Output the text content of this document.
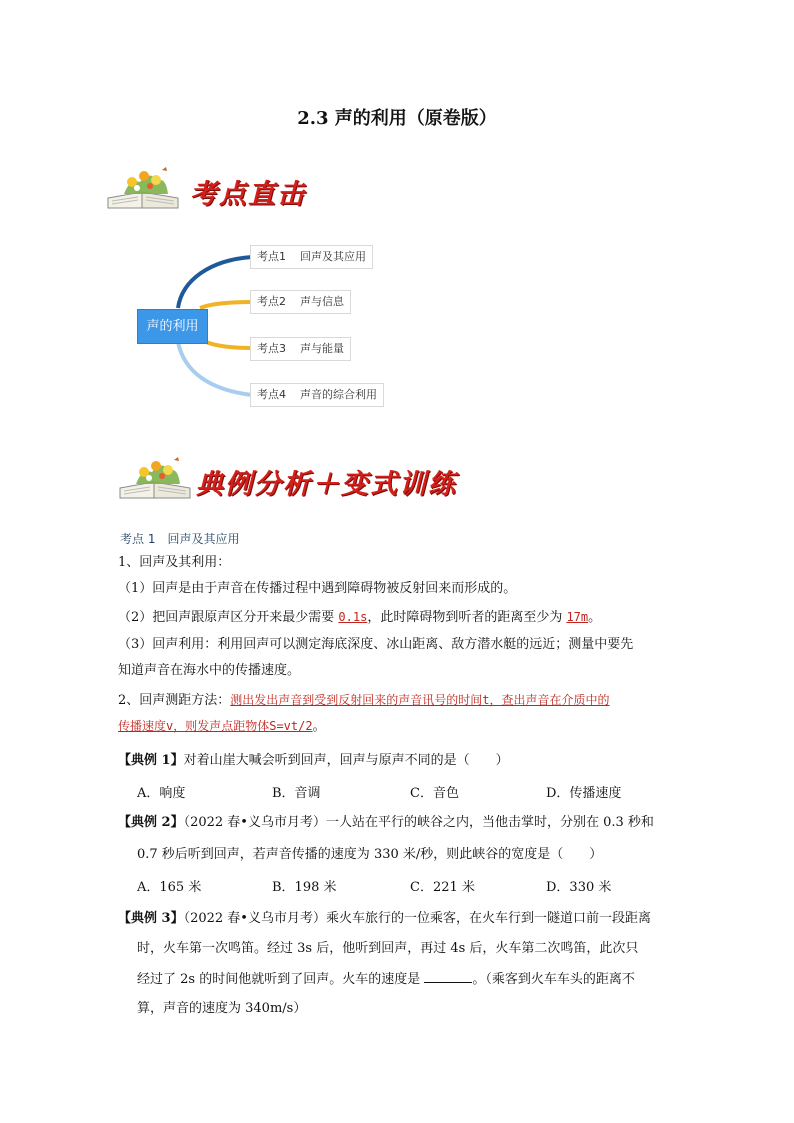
2.3 声的利用（原卷版）
考点直击
声的利用
考点1 回声及其应用
考点2 声与信息
考点3 声与能量
考点4 声音的综合利用
典例分析＋变式训练
考点 1　回声及其应用
1、回声及其利用：
（1）回声是由于声音在传播过程中遇到障碍物被反射回来而形成的。
（2）把回声跟原声区分开来最少需要 0.1s，此时障碍物到听者的距离至少为 17m。
（3）回声利用：利用回声可以测定海底深度、冰山距离、敌方潜水艇的远近；测量中要先
知道声音在海水中的传播速度。
2、回声测距方法：测出发出声音到受到反射回来的声音讯号的时间t，查出声音在介质中的
传播速度v，则发声点距物体S=vt/2。
【典例 1】对着山崖大喊会听到回声，回声与原声不同的是（　　）
A．响度	B．音调	C．音色	D．传播速度
【典例 2】（2022 春•义乌市月考）一人站在平行的峡谷之内，当他击掌时，分别在 0.3 秒和
0.7 秒后听到回声，若声音传播的速度为 330 米/秒，则此峡谷的宽度是（　　）
A．165 米	B．198 米	C．221 米	D．330 米
【典例 3】（2022 春•义乌市月考）乘火车旅行的一位乘客，在火车行到一隧道口前一段距离
时，火车第一次鸣笛。经过 3s 后，他听到回声，再过 4s 后，火车第二次鸣笛，此次只
经过了 2s 的时间他就听到了回声。火车的速度是	。（乘客到火车车头的距离不
算，声音的速度为 340m/s）
